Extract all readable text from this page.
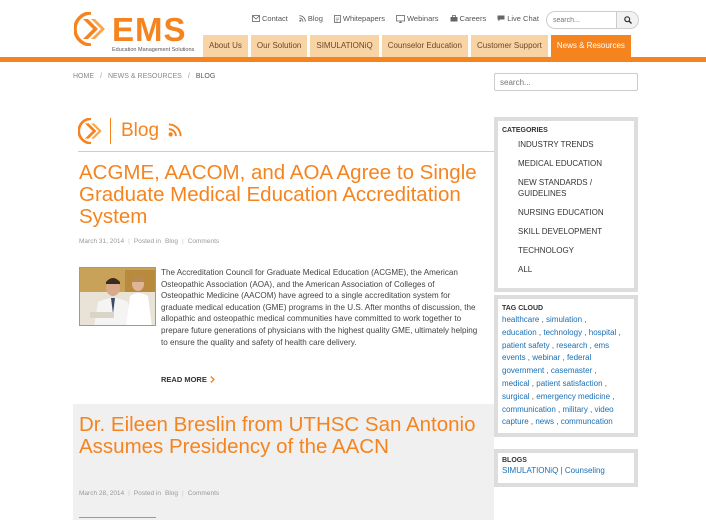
EMS
Education Management Solutions
Contact	Blog	Whitepapers	Webinars	Careers	Live Chat
search...
About Us	Our Solution	SIMULATIONiQ	Counselor Education	Customer Support	News & Resources
HOME / NEWS & RESOURCES / BLOG
search...
Blog
ACGME, AACOM, and AOA Agree to Single Graduate Medical Education Accreditation System
March 31, 2014 | Posted in Blog | Comments
The Accreditation Council for Graduate Medical Education (ACGME), the American Osteopathic Association (AOA), and the American Association of Colleges of Osteopathic Medicine (AACOM) have agreed to a single accreditation system for graduate medical education (GME) programs in the U.S. After months of discussion, the allopathic and osteopathic medical communities have committed to work together to prepare future generations of physicians with the highest quality GME, ultimately helping to ensure the quality and safety of health care delivery.
READ MORE
Dr. Eileen Breslin from UTHSC San Antonio Assumes Presidency of the AACN
March 28, 2014 | Posted in Blog | Comments
CATEGORIES
INDUSTRY TRENDS
MEDICAL EDUCATION
NEW STANDARDS / GUIDELINES
NURSING EDUCATION
SKILL DEVELOPMENT
TECHNOLOGY
ALL
TAG CLOUD
healthcare , simulation ,
education , technology , hospital ,
patient safety , research , ems
events , webinar , federal government , casemaster ,
medical , patient satisfaction ,
surgical , emergency medicine ,
communication , military , video
capture , news , communcation
BLOGS
SIMULATIONiQ | Counseling
